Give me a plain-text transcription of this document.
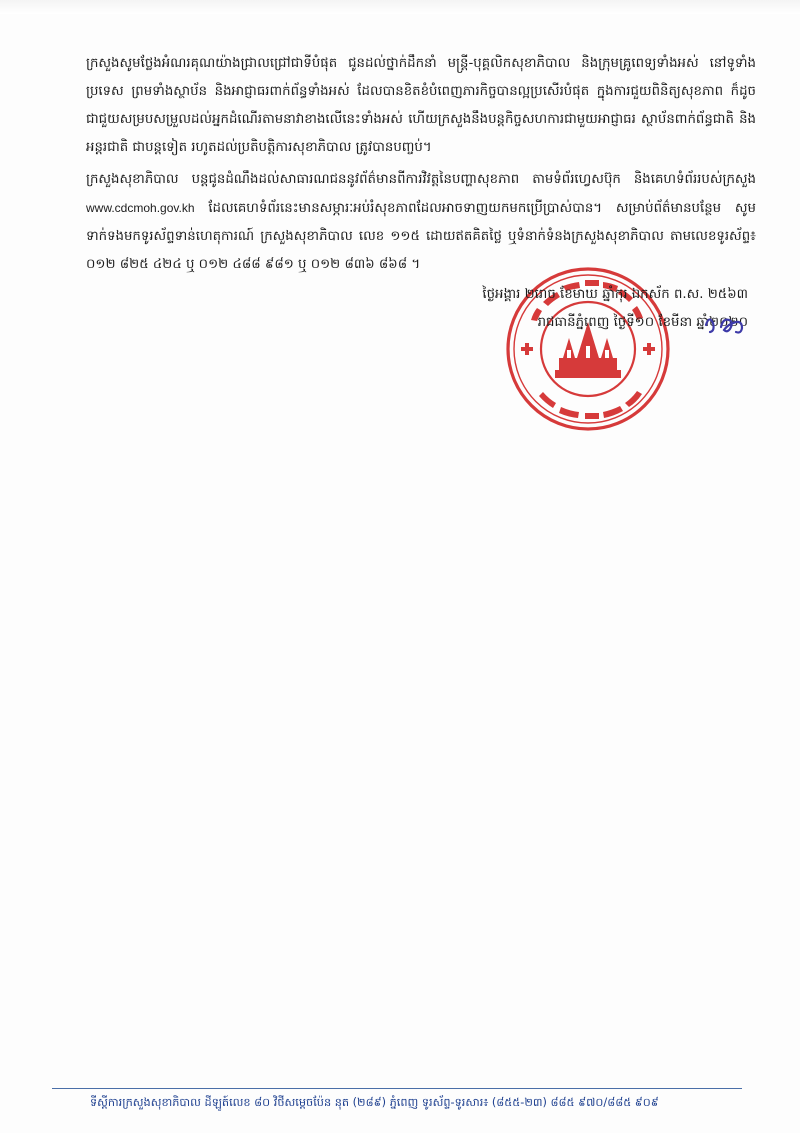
ក្រសួងសូមថ្លែងអំណរគុណយ៉ាងជ្រាលជ្រៅជាទីបំផុត ជូនដល់ថ្នាក់ដឹកនាំ មន្ត្រី-បុគ្គលិកសុខាភិបាល និងក្រុមគ្រូពេទ្យទាំងអស់ នៅទូទាំងប្រទេស ព្រមទាំងស្ថាប័ន និងអាជ្ញាធរពាក់ព័ន្ធទាំងអស់ ដែលបានខិតខំបំពេញភារកិច្ចបានល្អប្រសើរបំផុត ក្នុងការជួយពិនិត្យសុខភាព ក៏ដូចជាជួយសម្របសម្រួលដល់អ្នកដំណើរតាមនាវាខាងលើនេះទាំងអស់ ហើយក្រសួងនឹងបន្តកិច្ចសហការជាមួយអាជ្ញាធរ ស្ថាប័នពាក់ព័ន្ធជាតិ និងអន្តរជាតិ ជាបន្តទៀត រហូតដល់ប្រតិបត្តិការសុខាភិបាល ត្រូវបានបញ្ចប់។

ក្រសួងសុខាភិបាល បន្តជូនដំណឹងដល់សាធារណជននូវព័ត៌មានពីការវិវត្តនៃបញ្ហាសុខភាព តាមទំព័រហ្វេសប៊ុក និងគេហទំព័ររបស់ក្រសួង www.cdcmoh.gov.kh ដែលគេហទំព័រនេះមានសម្ភារៈអប់រំសុខភាពដែលអាចទាញយកមកប្រើប្រាស់បាន។ សម្រាប់ព័ត៌មានបន្ថែម សូមទាក់ទងមកទូរស័ព្ទទាន់ហេតុការណ៍ ក្រសួងសុខាភិបាល លេខ ១១៥ ដោយឥតគិតថ្លៃ ឬទំនាក់ទំនងក្រសួងសុខាភិបាល តាមលេខទូរស័ព្ទ៖ ០១២ ៨២៥ ៤២៤ ឬ ០១២ ៤៨៨ ៩៨១ ឬ ០១២ ៨៣៦ ៨៦៨ ។

ថ្ងៃអង្គារ ២រោច ខែមាឃ ឆ្នាំកុរ ឯកស័ក ព.ស. ២៥៦៣
រាជធានីភ្នំពេញ ថ្ងៃទី១០ ខែមីនា ឆ្នាំ២០២០
ទីស្តីការក្រសួងសុខាភិបាល ដីឡូត៍លេខ ៨០ វិថីសម្តេចប៉ែន នុត (២៨៩) ភ្នំពេញ ទូរស័ព្ទ-ទូរសារ៖ (៨៥៥-២៣) ៨៨៥ ៩៧០/៨៨៥ ៩០៩
